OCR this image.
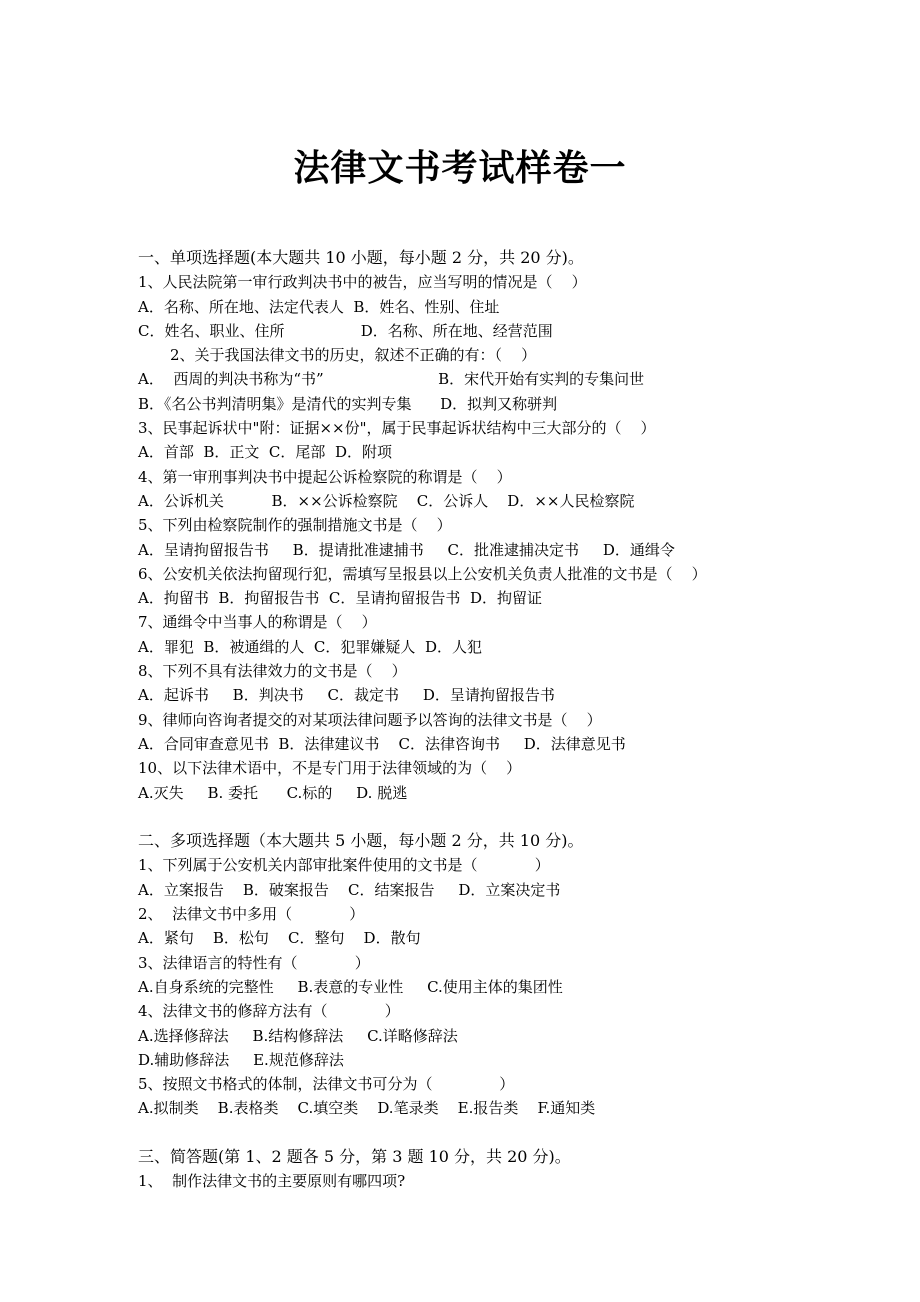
法律文书考试样卷一
一、单项选择题(本大题共 10 小题，每小题 2 分，共 20 分)。
1、人民法院第一审行政判决书中的被告，应当写明的情况是（    ）
A．名称、所在地、法定代表人  B．姓名、性别、住址
C．姓名、职业、住所                D．名称、所在地、经营范围
2、关于我国法律文书的历史，叙述不正确的有：（    ）
A．  西周的判决书称为“书”                        B．宋代开始有实判的专集问世
B．《名公书判清明集》是清代的实判专集      D．拟判又称骈判
3、民事起诉状中"附：证据××份"，属于民事起诉状结构中三大部分的（    ）
A．首部  B．正文  C．尾部  D．附项
4、第一审刑事判决书中提起公诉检察院的称谓是（    ）
A．公诉机关          B．××公诉检察院    C．公诉人    D．××人民检察院
5、下列由检察院制作的强制措施文书是（    ）
A．呈请拘留报告书     B．提请批准逮捕书     C．批准逮捕决定书     D．通缉令
6、公安机关依法拘留现行犯，需填写呈报县以上公安机关负责人批准的文书是（    ）
A．拘留书  B．拘留报告书  C．呈请拘留报告书  D．拘留证
7、通缉令中当事人的称谓是（    ）
A．罪犯  B．被通缉的人  C．犯罪嫌疑人  D．人犯
8、下列不具有法律效力的文书是（    ）
A．起诉书     B．判决书     C．裁定书     D．呈请拘留报告书
9、律师向咨询者提交的对某项法律问题予以答询的法律文书是（    ）
A．合同审查意见书  B．法律建议书    C．法律咨询书     D．法律意见书
10、以下法律术语中，不是专门用于法律领域的为（    ）
A.灭失     B. 委托      C.标的     D. 脱逃
二、多项选择题（本大题共 5 小题，每小题 2 分，共 10 分)。
1、下列属于公安机关内部审批案件使用的文书是（            ）
A．立案报告    B．破案报告    C．结案报告     D．立案决定书
2、  法律文书中多用（            ）
A．紧句    B．松句    C．整句    D．散句
3、法律语言的特性有（            ）
A.自身系统的完整性     B.表意的专业性     C.使用主体的集团性
4、法律文书的修辞方法有（            ）
A.选择修辞法     B.结构修辞法     C.详略修辞法
D.辅助修辞法     E.规范修辞法
5、按照文书格式的体制，法律文书可分为（              ）
A.拟制类    B.表格类    C.填空类    D.笔录类    E.报告类    F.通知类
三、简答题(第 1、2 题各 5 分，第 3 题 10 分，共 20 分)。
1、  制作法律文书的主要原则有哪四项?
